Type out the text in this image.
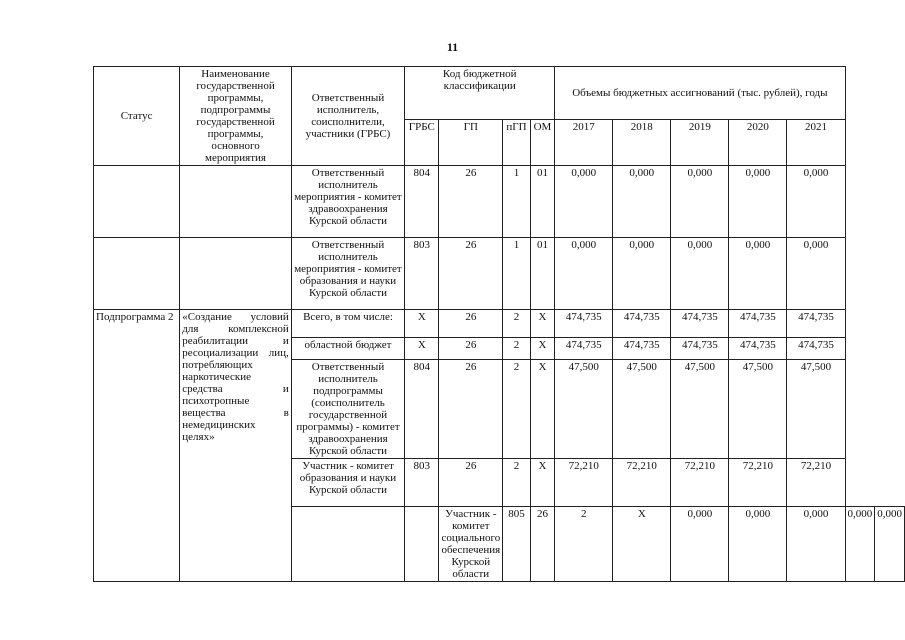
11
Статус	Наименование государственной программы, подпрограммы государственной программы, основного мероприятия	Ответственный исполнитель, соисполнители, участники (ГРБС)	Код бюджетной классификации				Объемы бюджетных ассигнований (тыс. рублей), годы						
			ГРБС	ГП	пГП	ОМ	2017	2018	2019	2020	2021		
		Ответственный исполнитель мероприятия - комитет здравоохранения Курской области	804	26	1	01	0,000	0,000	0,000	0,000	0,000		
		Ответственный исполнитель мероприятия - комитет образования и науки Курской области	803	26	1	01	0,000	0,000	0,000	0,000	0,000		
Подпрограмма 2	«Создание условий для комплексной реабилитации и ресоциализации лиц, потребляющих наркотические средства и психотропные вещества в немедицинских целях»	Всего, в том числе:	Х	26	2	Х	474,735	474,735	474,735	474,735	474,735		
		областной бюджет	Х	26	2	Х	474,735	474,735	474,735	474,735	474,735		
		Ответственный исполнитель подпрограммы (соисполнитель государственной программы) - комитет здравоохранения Курской области	804	26	2	Х	47,500	47,500	47,500	47,500	47,500		
		Участник - комитет образования и науки Курской области	803	26	2	Х	72,210	72,210	72,210	72,210	72,210		
				Участник - комитет социального обеспечения Курской области	805	26	2	Х	0,000	0,000	0,000	0,000	0,000
